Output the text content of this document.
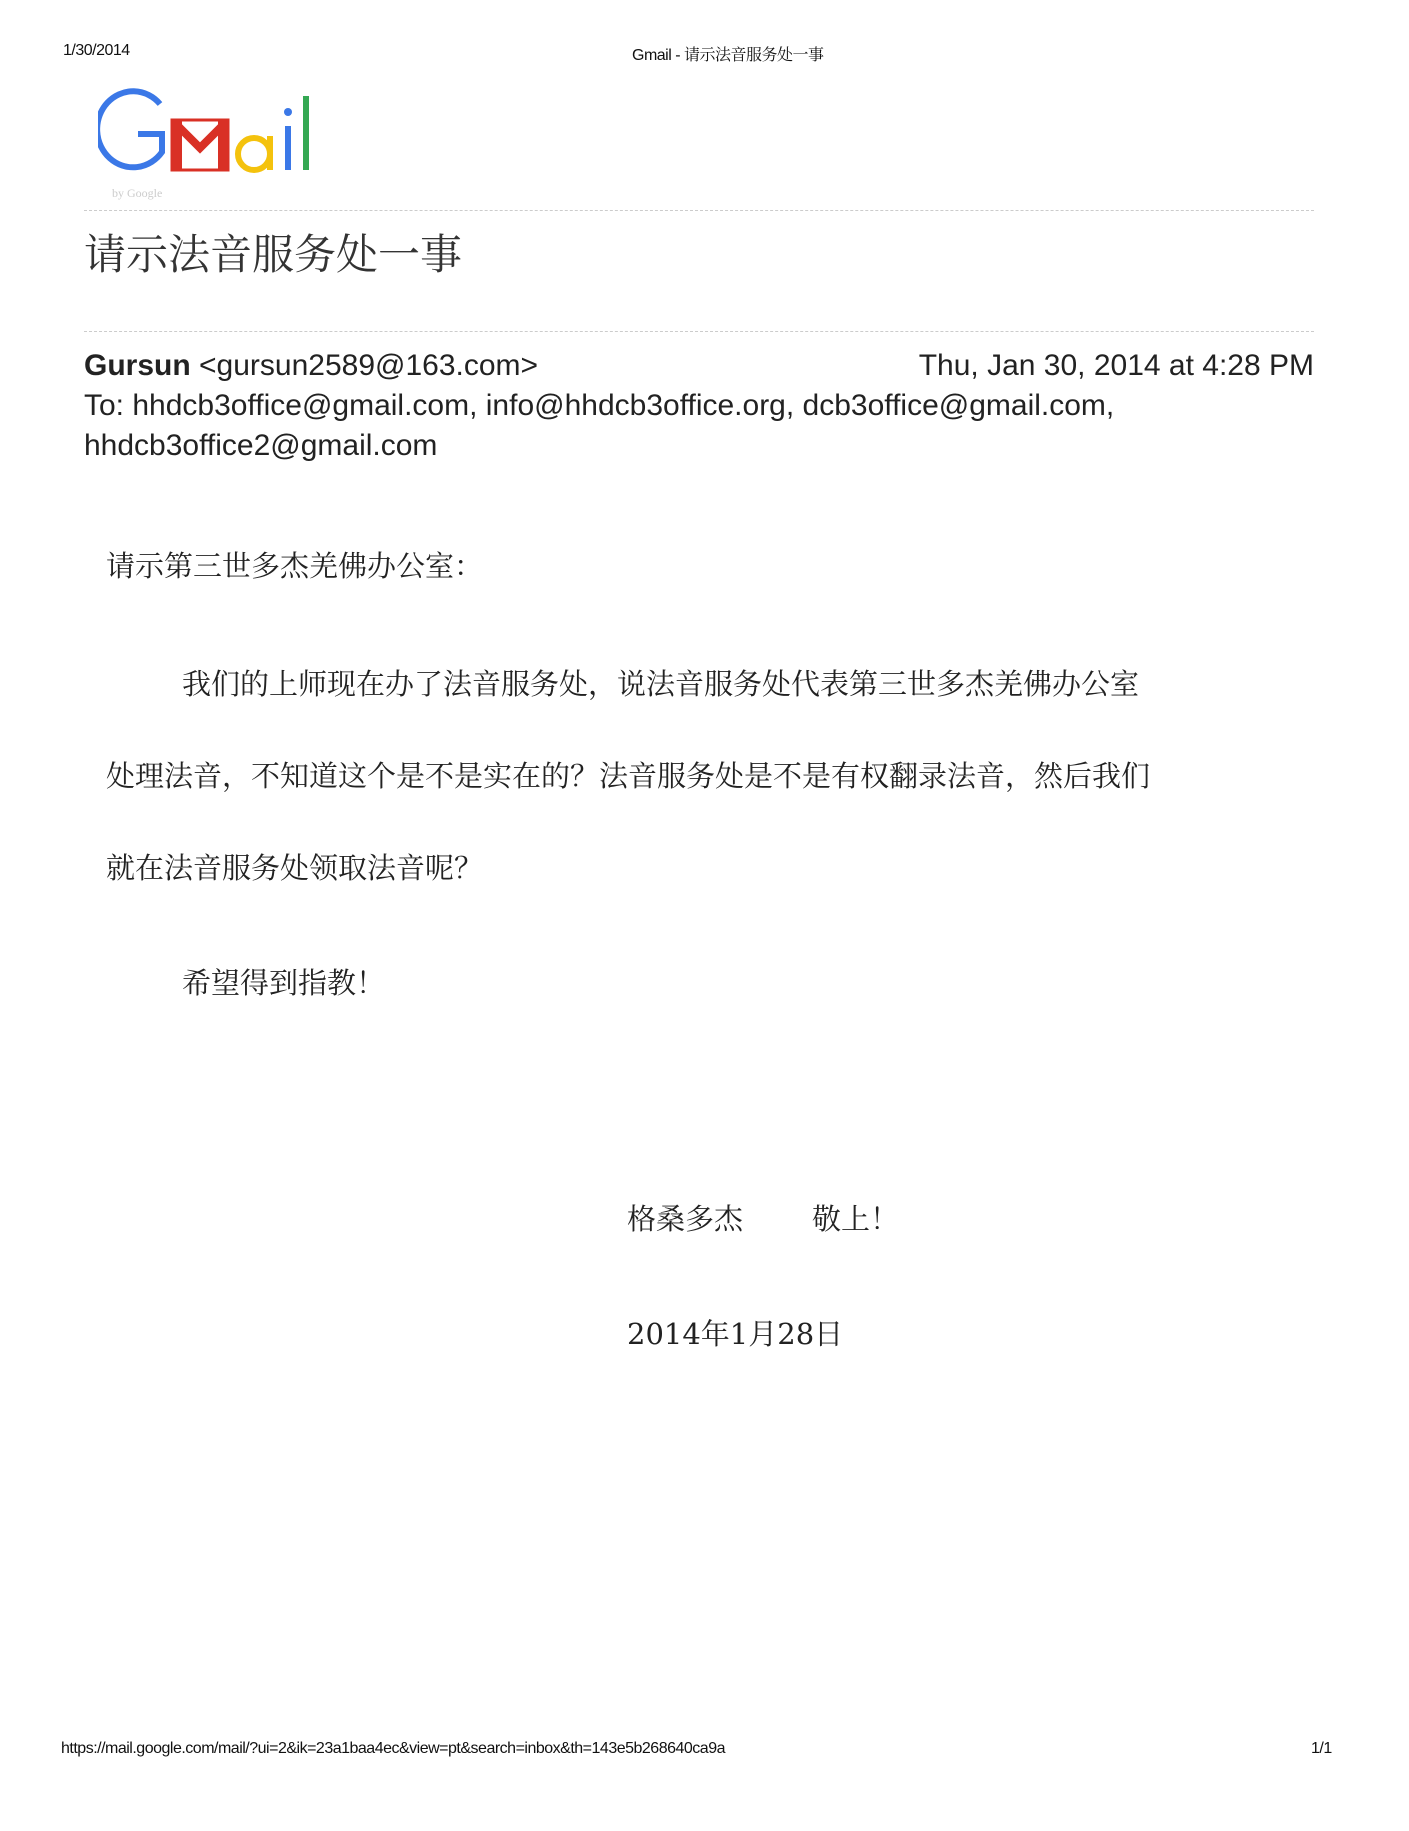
1/30/2014	Gmail - 请示法音服务处一事
by Google
请示法音服务处一事
Gursun <gursun2589@163.com>	Thu, Jan 30, 2014 at 4:28 PM
To: hhdcb3office@gmail.com, info@hhdcb3office.org, dcb3office@gmail.com,
hhdcb3office2@gmail.com
请示第三世多杰羌佛办公室：
我们的上师现在办了法音服务处，说法音服务处代表第三世多杰羌佛办公室
处理法音，不知道这个是不是实在的？法音服务处是不是有权翻录法音，然后我们
就在法音服务处领取法音呢？
希望得到指教！
格桑多杰 敬上！
2014年1月28日
https://mail.google.com/mail/?ui=2&ik=23a1baa4ec&view=pt&search=inbox&th=143e5b268640ca9a	1/1
